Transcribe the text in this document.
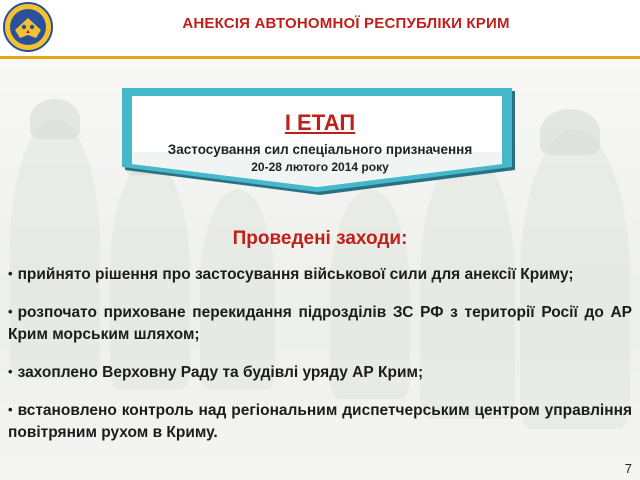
АНЕКСІЯ АВТОНОМНОЇ РЕСПУБЛІКИ КРИМ
I ЕТАП
Застосування сил спеціального призначення
20-28 лютого 2014 року
Проведені заходи:
• прийнято рішення про застосування військової сили для анексії Криму;
• розпочато приховане перекидання підрозділів ЗС РФ з території Росії до АР Крим морським шляхом;
• захоплено Верховну Раду та будівлі уряду АР Крим;
• встановлено контроль над регіональним диспетчерським центром управління повітряним рухом в Криму.
7
